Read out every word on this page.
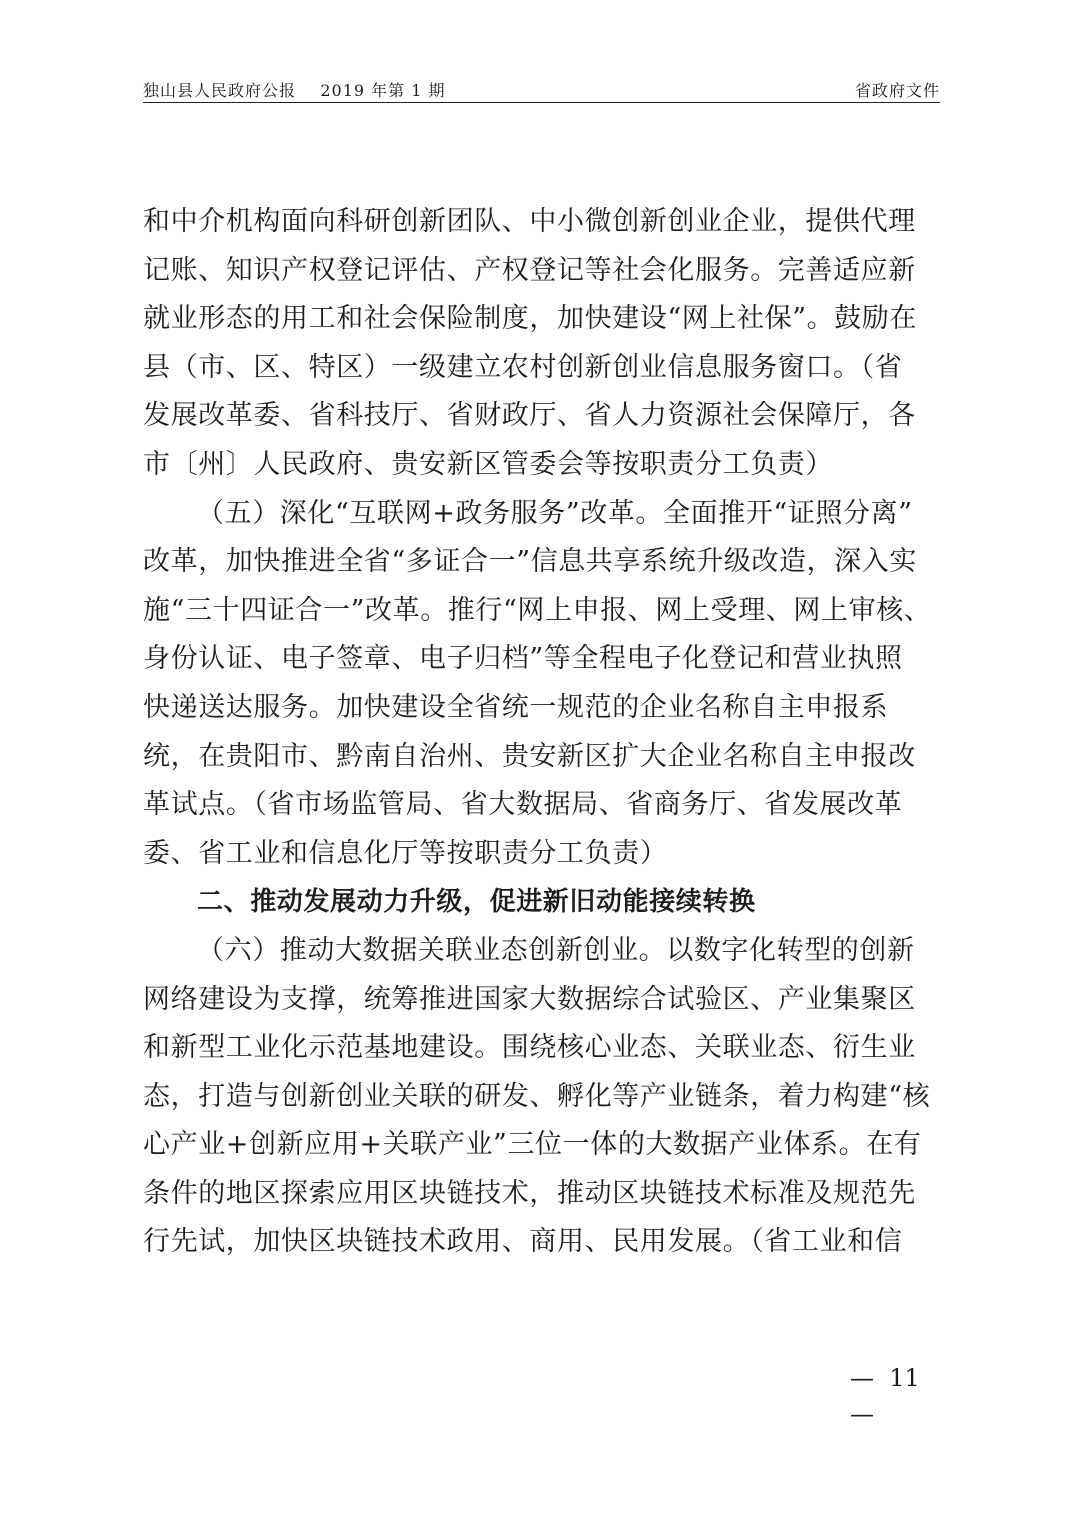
独山县人民政府公报    2019 年第 1 期	省政府文件
和中介机构面向科研创新团队、中小微创新创业企业，提供代理
记账、知识产权登记评估、产权登记等社会化服务。完善适应新
就业形态的用工和社会保险制度，加快建设“网上社保”。鼓励在
县（市、区、特区）一级建立农村创新创业信息服务窗口。（省
发展改革委、省科技厅、省财政厅、省人力资源社会保障厅，各
市〔州〕人民政府、贵安新区管委会等按职责分工负责）
（五）深化“互联网+政务服务”改革。全面推开“证照分离”
改革，加快推进全省“多证合一”信息共享系统升级改造，深入实
施“三十四证合一”改革。推行“网上申报、网上受理、网上审核、
身份认证、电子签章、电子归档”等全程电子化登记和营业执照
快递送达服务。加快建设全省统一规范的企业名称自主申报系
统，在贵阳市、黔南自治州、贵安新区扩大企业名称自主申报改
革试点。（省市场监管局、省大数据局、省商务厅、省发展改革
委、省工业和信息化厅等按职责分工负责）
二、推动发展动力升级，促进新旧动能接续转换
（六）推动大数据关联业态创新创业。以数字化转型的创新
网络建设为支撑，统筹推进国家大数据综合试验区、产业集聚区
和新型工业化示范基地建设。围绕核心业态、关联业态、衍生业
态，打造与创新创业关联的研发、孵化等产业链条，着力构建“核
心产业+创新应用+关联产业”三位一体的大数据产业体系。在有
条件的地区探索应用区块链技术，推动区块链技术标准及规范先
行先试，加快区块链技术政用、商用、民用发展。（省工业和信
— 11
—
